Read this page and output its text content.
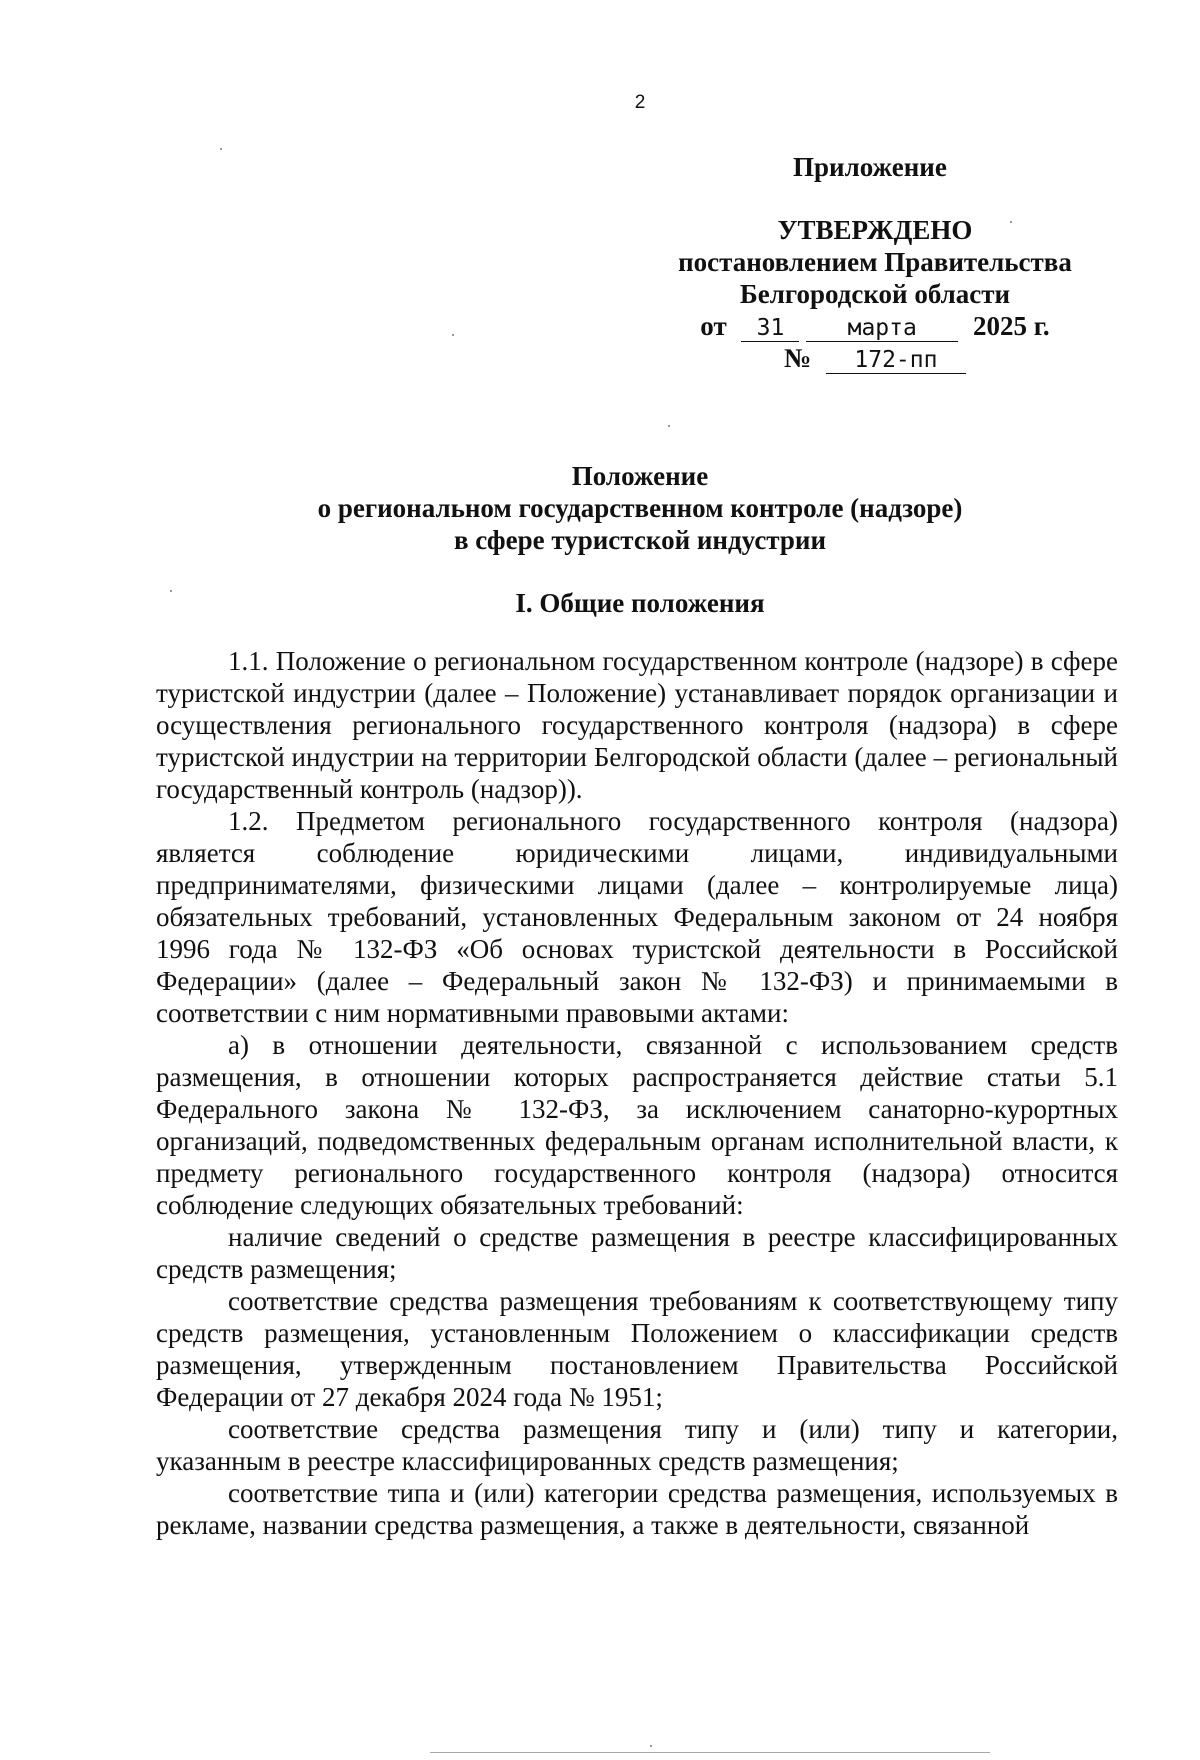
2
Приложение
УТВЕРЖДЕНО
постановлением Правительства
Белгородской области
от 31	марта 2025 г.
№ 172-пп
Положение
о региональном государственном контроле (надзоре)
в сфере туристской индустрии
I. Общие положения

1.1. Положение о региональном государственном контроле (надзоре) в сфере туристской индустрии (далее – Положение) устанавливает порядок организации и осуществления регионального государственного контроля (надзора) в сфере туристской индустрии на территории Белгородской области (далее – региональный государственный контроль (надзор)).

1.2. Предметом регионального государственного контроля (надзора) является соблюдение юридическими лицами, индивидуальными предпринимателями, физическими лицами (далее – контролируемые лица) обязательных требований, установленных Федеральным законом от 24 ноября 1996 года № 132-ФЗ «Об основах туристской деятельности в Российской Федерации» (далее – Федеральный закон № 132-ФЗ) и принимаемыми в соответствии с ним нормативными правовыми актами:

а) в отношении деятельности, связанной с использованием средств размещения, в отношении которых распространяется действие статьи 5.1 Федерального закона № 132-ФЗ, за исключением санаторно-курортных организаций, подведомственных федеральным органам исполнительной власти, к предмету регионального государственного контроля (надзора) относится соблюдение следующих обязательных требований:

наличие сведений о средстве размещения в реестре классифицированных средств размещения;

соответствие средства размещения требованиям к соответствующему типу средств размещения, установленным Положением о классификации средств размещения, утвержденным постановлением Правительства Российской Федерации от 27 декабря 2024 года № 1951;

соответствие средства размещения типу и (или) типу и категории, указанным в реестре классифицированных средств размещения;

соответствие типа и (или) категории средства размещения, используемых в рекламе, названии средства размещения, а также в деятельности, связанной
